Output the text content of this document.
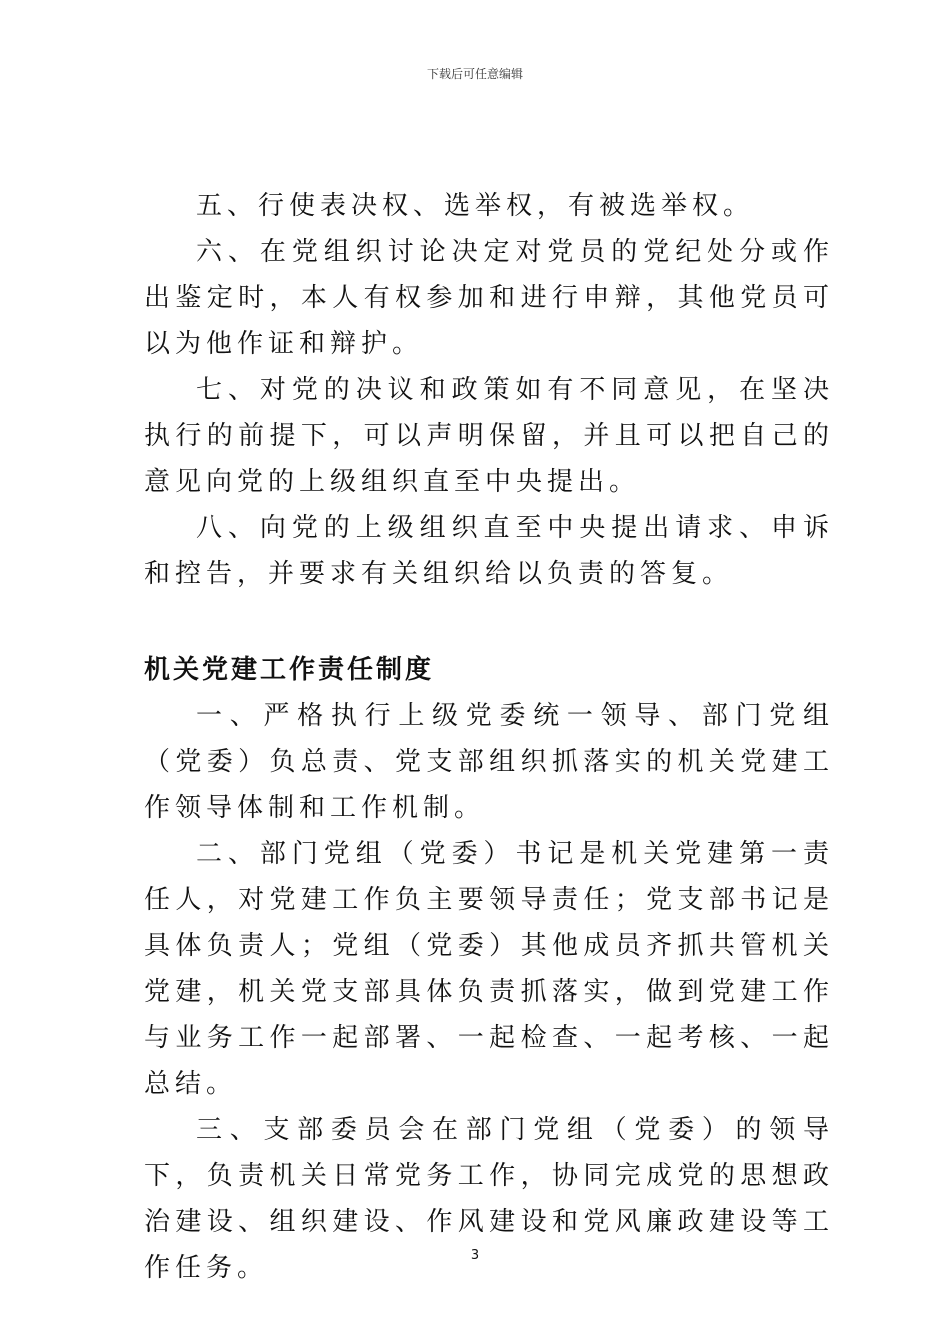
下载后可任意编辑

五、行使表决权、选举权，有被选举权。

六、在党组织讨论决定对党员的党纪处分或作出鉴定时，本人有权参加和进行申辩，其他党员可以为他作证和辩护。

七、对党的决议和政策如有不同意见，在坚决执行的前提下，可以声明保留，并且可以把自己的意见向党的上级组织直至中央提出。

八、向党的上级组织直至中央提出请求、申诉和控告，并要求有关组织给以负责的答复。

机关党建工作责任制度

一、严格执行上级党委统一领导、部门党组（党委）负总责、党支部组织抓落实的机关党建工作领导体制和工作机制。

二、部门党组（党委）书记是机关党建第一责任人，对党建工作负主要领导责任；党支部书记是具体负责人；党组（党委）其他成员齐抓共管机关党建，机关党支部具体负责抓落实，做到党建工作与业务工作一起部署、一起检查、一起考核、一起总结。

三、支部委员会在部门党组（党委）的领导下，负责机关日常党务工作，协同完成党的思想政治建设、组织建设、作风建设和党风廉政建设等工作任务。	3
